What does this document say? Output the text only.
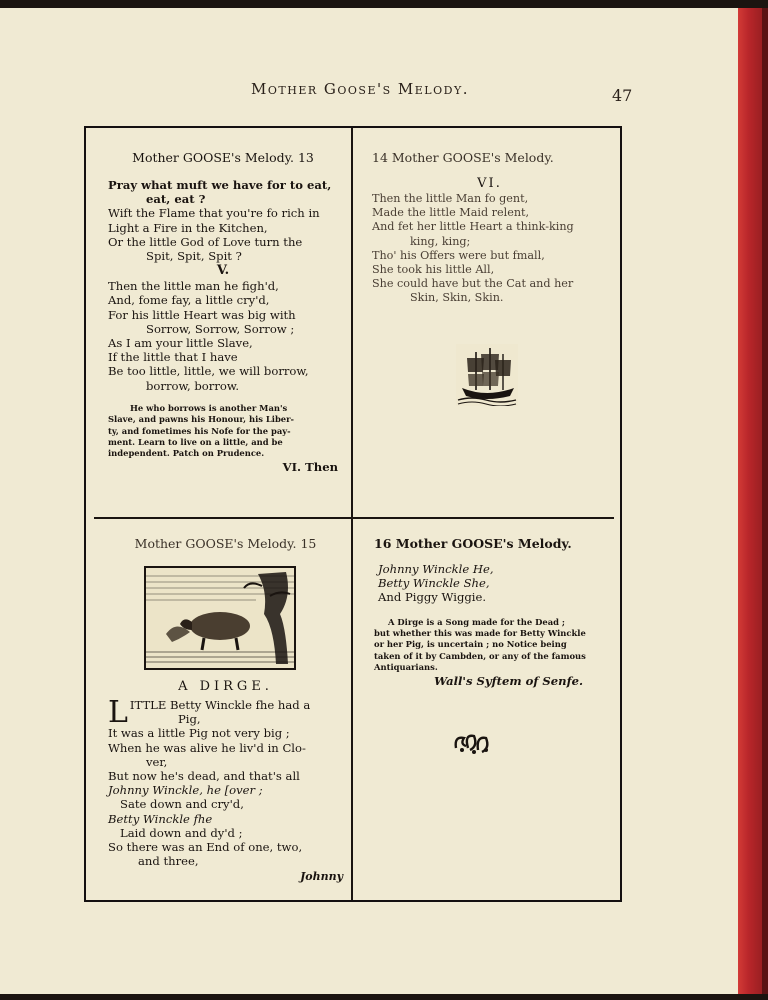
Mother Goose's Melody.	47
Mother GOOSE's Melody. 13
Pray what muft we have for to eat,
eat, eat ?
Wift the Flame that you're fo rich in
Light a Fire in the Kitchen,
Or the little God of Love turn the
Spit, Spit, Spit ?
V.
Then the little man he figh'd,
And, fome fay, a little cry'd,
For his little Heart was big with
Sorrow, Sorrow, Sorrow ;
As I am your little Slave,
If the little that I have
Be too little, little, we will borrow,
borrow, borrow.
He who borrows is another Man's
Slave, and pawns his Honour, his Liber-
ty, and fometimes his Nofe for the pay-
ment. Learn to live on a little, and be
independent. Patch on Prudence.
VI. Then
14 Mother GOOSE's Melody.
VI.
Then the little Man fo gent,
Made the little Maid relent,
And fet her little Heart a think-king
king, king;
Tho' his Offers were but fmall,
She took his little All,
She could have but the Cat and her
Skin, Skin, Skin.
Mother GOOSE's Melody. 15
A DIRGE.
L ITTLE Betty Winckle fhe had a
Pig,
It was a little Pig not very big ;
When he was alive he liv'd in Clo-
ver,
But now he's dead, and that's all
Johnny Winckle, he [over ;
Sate down and cry'd,
Betty Winckle fhe
Laid down and dy'd ;
So there was an End of one, two,
and three,
Johnny
16 Mother GOOSE's Melody.
Johnny Winckle He,
Betty Winckle She,
And Piggy Wiggie.
A Dirge is a Song made for the Dead ;
but whether this was made for Betty Winckle
or her Pig, is uncertain ; no Notice being
taken of it by Cambden, or any of the famous
Antiquarians.
Wall's Syftem of Senfe.
